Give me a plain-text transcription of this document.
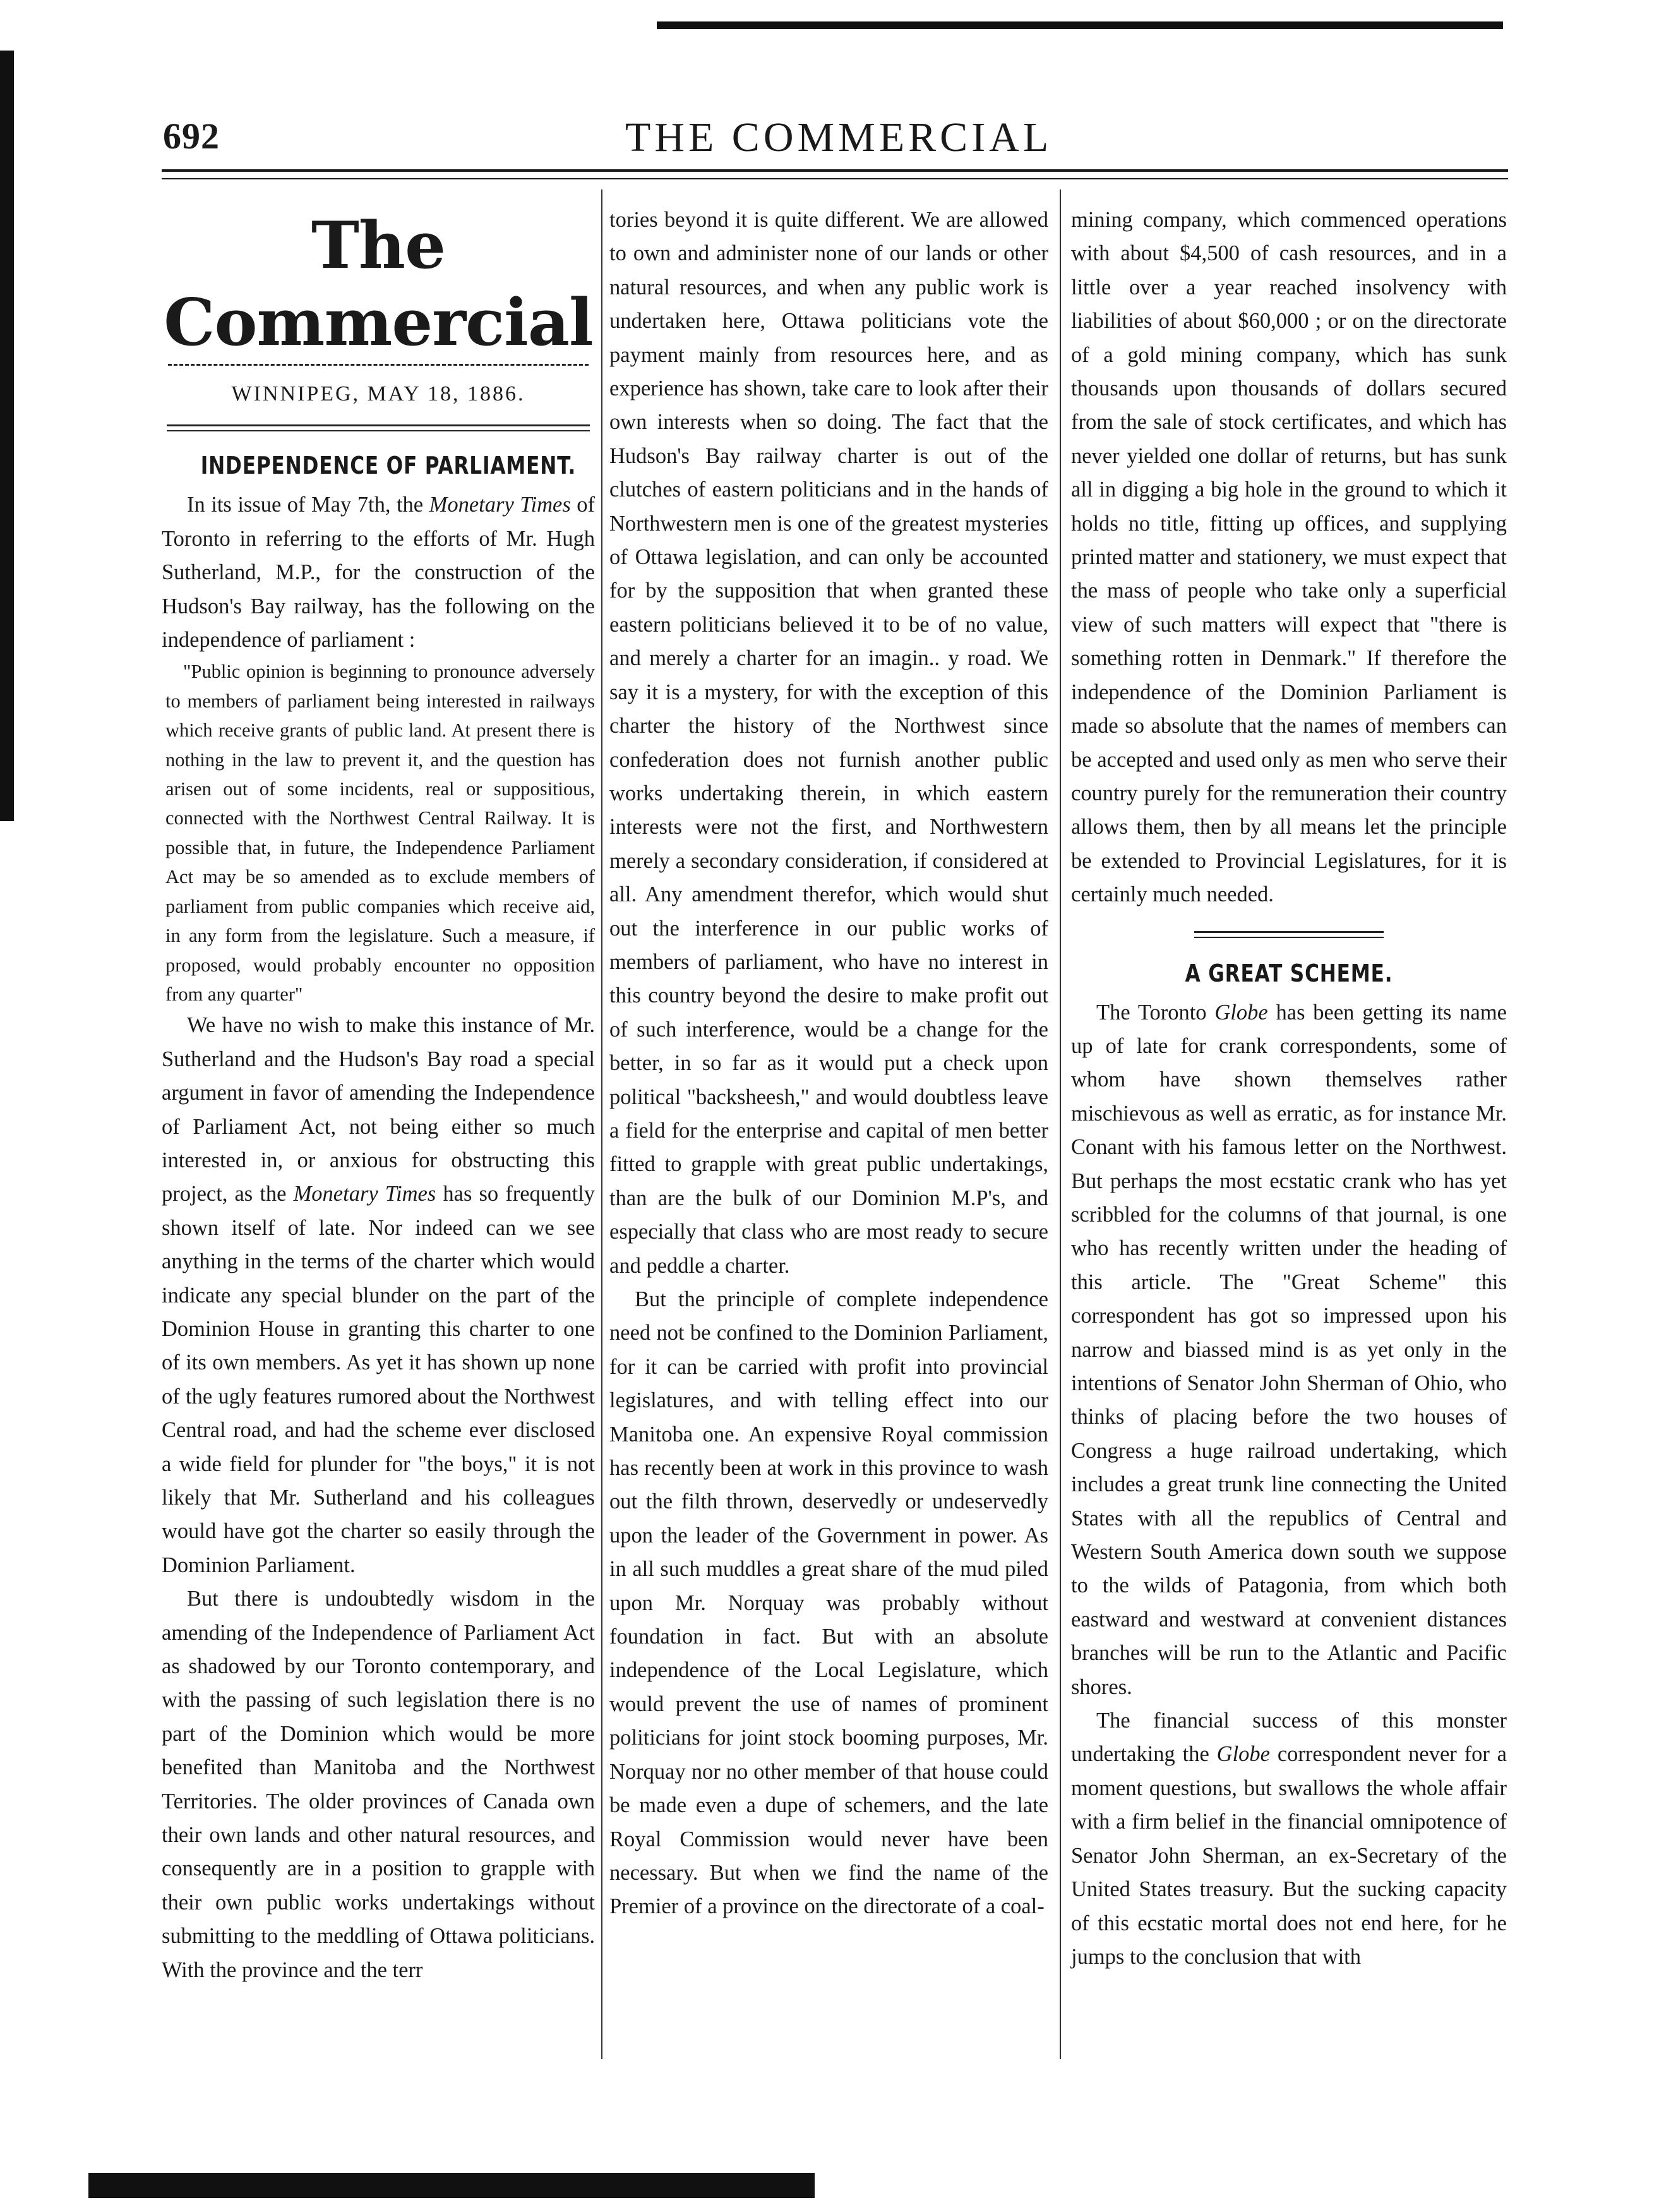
692	THE COMMERCIAL
The Commercial
WINNIPEG, MAY 18, 1886.
INDEPENDENCE OF PARLIAMENT.

In its issue of May 7th, the Monetary Times of Toronto in referring to the efforts of Mr. Hugh Sutherland, M.P., for the construction of the Hudson's Bay railway, has the following on the independence of parliament :

"Public opinion is beginning to pronounce adversely to members of parliament being interested in railways which receive grants of public land. At present there is nothing in the law to prevent it, and the question has arisen out of some incidents, real or suppositious, connected with the Northwest Central Railway. It is possible that, in future, the Independence Parliament Act may be so amended as to exclude members of parliament from public companies which receive aid, in any form from the legislature. Such a measure, if proposed, would probably encounter no opposition from any quarter"

We have no wish to make this instance of Mr. Sutherland and the Hudson's Bay road a special argument in favor of amending the Independence of Parliament Act, not being either so much interested in, or anxious for obstructing this project, as the Monetary Times has so frequently shown itself of late. Nor indeed can we see anything in the terms of the charter which would indicate any special blunder on the part of the Dominion House in granting this charter to one of its own members. As yet it has shown up none of the ugly features rumored about the Northwest Central road, and had the scheme ever disclosed a wide field for plunder for "the boys," it is not likely that Mr. Sutherland and his colleagues would have got the charter so easily through the Dominion Parliament.

But there is undoubtedly wisdom in the amending of the Independence of Parliament Act as shadowed by our Toronto contemporary, and with the passing of such legislation there is no part of the Dominion which would be more benefited than Manitoba and the Northwest Territories. The older provinces of Canada own their own lands and other natural resources, and consequently are in a position to grapple with their own public works undertakings without submitting to the meddling of Ottawa politicians. With the province and the terr

tories beyond it is quite different. We are allowed to own and administer none of our lands or other natural resources, and when any public work is undertaken here, Ottawa politicians vote the payment mainly from resources here, and as experience has shown, take care to look after their own interests when so doing. The fact that the Hudson's Bay railway charter is out of the clutches of eastern politicians and in the hands of Northwestern men is one of the greatest mysteries of Ottawa legislation, and can only be accounted for by the supposition that when granted these eastern politicians believed it to be of no value, and merely a charter for an imagin.. y road. We say it is a mystery, for with the exception of this charter the history of the Northwest since confederation does not furnish another public works undertaking therein, in which eastern interests were not the first, and Northwestern merely a secondary consideration, if considered at all. Any amendment therefor, which would shut out the interference in our public works of members of parliament, who have no interest in this country beyond the desire to make profit out of such interference, would be a change for the better, in so far as it would put a check upon political "backsheesh," and would doubtless leave a field for the enterprise and capital of men better fitted to grapple with great public undertakings, than are the bulk of our Dominion M.P's, and especially that class who are most ready to secure and peddle a charter.

But the principle of complete independence need not be confined to the Dominion Parliament, for it can be carried with profit into provincial legislatures, and with telling effect into our Manitoba one. An expensive Royal commission has recently been at work in this province to wash out the filth thrown, deservedly or undeservedly upon the leader of the Government in power. As in all such muddles a great share of the mud piled upon Mr. Norquay was probably without foundation in fact. But with an absolute independence of the Local Legislature, which would prevent the use of names of prominent politicians for joint stock booming purposes, Mr. Norquay nor no other member of that house could be made even a dupe of schemers, and the late Royal Commission would never have been necessary. But when we find the name of the Premier of a province on the directorate of a coal-

mining company, which commenced operations with about $4,500 of cash resources, and in a little over a year reached insolvency with liabilities of about $60,000 ; or on the directorate of a gold mining company, which has sunk thousands upon thousands of dollars secured from the sale of stock certificates, and which has never yielded one dollar of returns, but has sunk all in digging a big hole in the ground to which it holds no title, fitting up offices, and supplying printed matter and stationery, we must expect that the mass of people who take only a superficial view of such matters will expect that "there is something rotten in Denmark." If therefore the independence of the Dominion Parliament is made so absolute that the names of members can be accepted and used only as men who serve their country purely for the remuneration their country allows them, then by all means let the principle be extended to Provincial Legislatures, for it is certainly much needed.

A GREAT SCHEME.

The Toronto Globe has been getting its name up of late for crank correspondents, some of whom have shown themselves rather mischievous as well as erratic, as for instance Mr. Conant with his famous letter on the Northwest. But perhaps the most ecstatic crank who has yet scribbled for the columns of that journal, is one who has recently written under the heading of this article. The "Great Scheme" this correspondent has got so impressed upon his narrow and biassed mind is as yet only in the intentions of Senator John Sherman of Ohio, who thinks of placing before the two houses of Congress a huge railroad undertaking, which includes a great trunk line connecting the United States with all the republics of Central and Western South America down south we suppose to the wilds of Patagonia, from which both eastward and westward at convenient distances branches will be run to the Atlantic and Pacific shores.

The financial success of this monster undertaking the Globe correspondent never for a moment questions, but swallows the whole affair with a firm belief in the financial omnipotence of Senator John Sherman, an ex-Secretary of the United States treasury. But the sucking capacity of this ecstatic mortal does not end here, for he jumps to the conclusion that with
